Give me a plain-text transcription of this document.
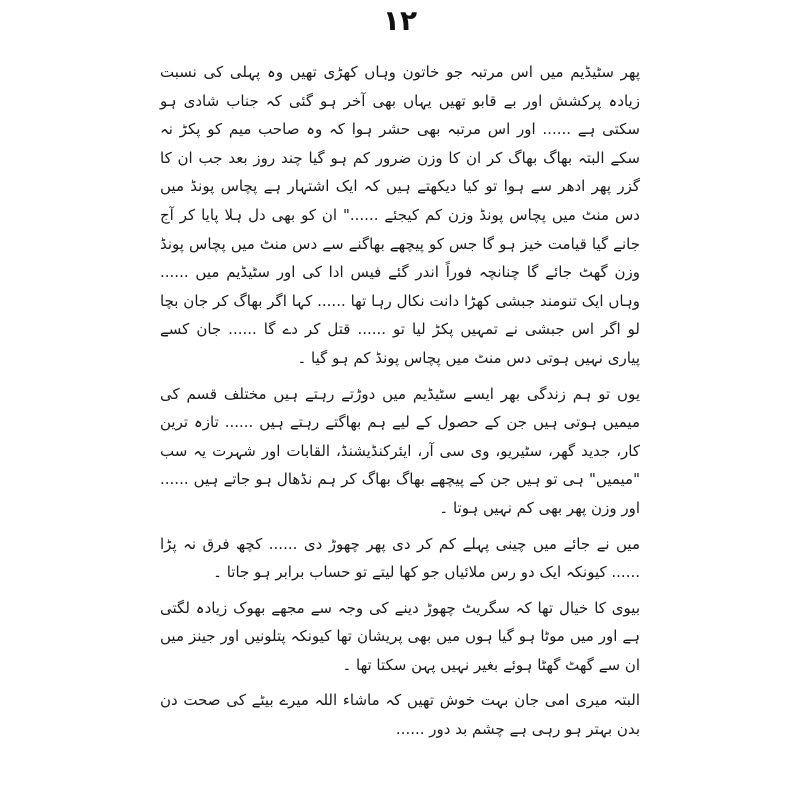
۱۲

پھر سٹیڈیم میں اس مرتبہ جو خاتون وہاں کھڑی تھیں وہ پہلی کی نسبت زیادہ پرکشش اور بے قابو تھیں یہاں بھی آخر ہو گئی کہ جناب شادی ہو سکتی ہے ...... اور اس مرتبہ بھی حشر ہوا کہ وہ صاحب میم کو پکڑ نہ سکے البتہ بھاگ بھاگ کر ان کا وزن ضرور کم ہو گیا چند روز بعد جب ان کا گزر پھر ادھر سے ہوا تو کیا دیکھتے ہیں کہ ایک اشتہار ہے پچاس پونڈ میں دس منٹ میں پچاس پونڈ وزن کم کیجئے ......" ان کو بھی دل ہلا پایا کر آج جانے گیا قیامت خیز ہو گا جس کو پیچھے بھاگنے سے دس منٹ میں پچاس پونڈ وزن گھٹ جائے گا چنانچہ فوراً اندر گئے فیس ادا کی اور سٹیڈیم میں ...... وہاں ایک تنومند جبشی کھڑا دانت نکال رہا تھا ...... کہا اگر بھاگ کر جان بچا لو اگر اس جبشی نے تمہیں پکڑ لیا تو ...... قتل کر دے گا ...... جان کسے پیاری نہیں ہوتی دس منٹ میں پچاس پونڈ کم ہو گیا ۔

یوں تو ہم زندگی بھر ایسے سٹیڈیم میں دوڑتے رہتے ہیں مختلف قسم کی میمیں ہوتی ہیں جن کے حصول کے لیے ہم بھاگتے رہتے ہیں ...... تازہ ترین کار، جدید گھر، سٹیریو، وی سی آر، ایئرکنڈیشنڈ، القابات اور شہرت یہ سب "میمیں" ہی تو ہیں جن کے پیچھے بھاگ بھاگ کر ہم نڈھال ہو جاتے ہیں ...... اور وزن پھر بھی کم نہیں ہوتا ۔

میں نے جائے میں چینی پہلے کم کر دی پھر چھوڑ دی ...... کچھ فرق نہ پڑا ...... کیونکہ ایک دو رس ملائیاں جو کھا لیتے تو حساب برابر ہو جاتا ۔

بیوی کا خیال تھا کہ سگریٹ چھوڑ دینے کی وجہ سے مجھے بھوک زیادہ لگتی ہے اور میں موٹا ہو گیا ہوں میں بھی پریشان تھا کیونکہ پتلونیں اور جینز میں ان سے گھٹ گھٹا ہوئے بغیر نہیں پہن سکتا تھا ۔

البتہ میری امی جان بہت خوش تھیں کہ ماشاء اللہ میرے بیٹے کی صحت دن بدن بہتر ہو رہی ہے چشم بد دور ......
